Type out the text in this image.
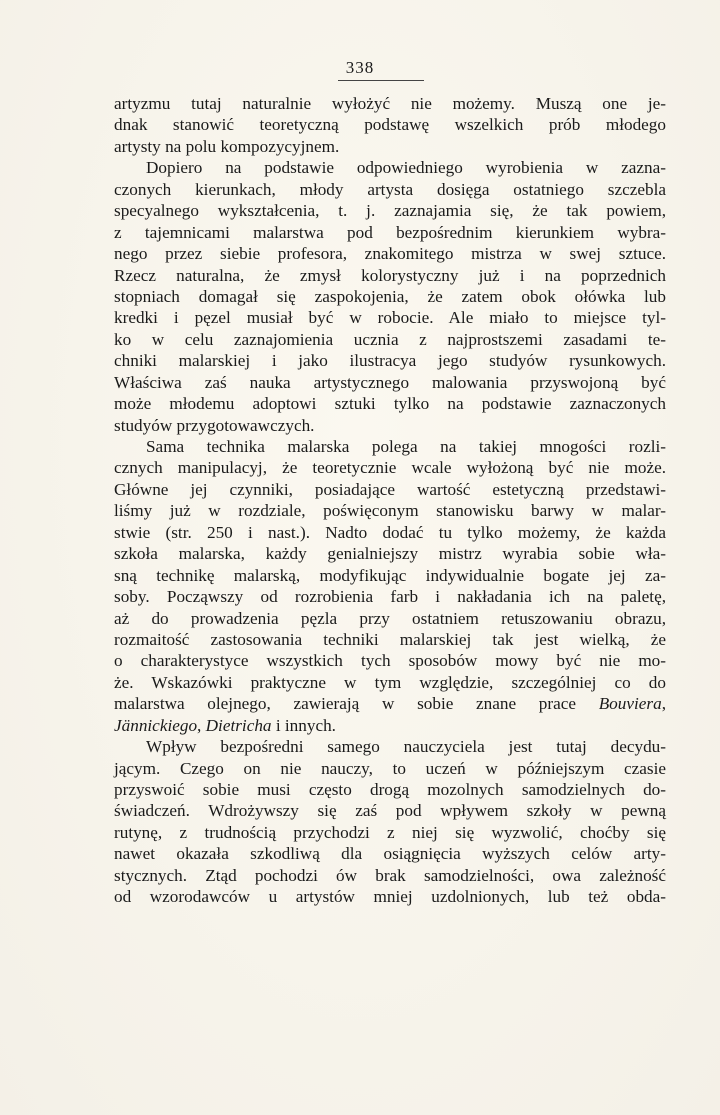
338
artyzmu tutaj naturalnie wyłożyć nie możemy. Muszą one je-
dnak stanowić teoretyczną podstawę wszelkich prób młodego
artysty na polu kompozycyjnem.
Dopiero na podstawie odpowiedniego wyrobienia w zazna-
czonych kierunkach, młody artysta dosięga ostatniego szczebla
specyalnego wykształcenia, t. j. zaznajamia się, że tak powiem,
z tajemnicami malarstwa pod bezpośrednim kierunkiem wybra-
nego przez siebie profesora, znakomitego mistrza w swej sztuce.
Rzecz naturalna, że zmysł kolorystyczny już i na poprzednich
stopniach domagał się zaspokojenia, że zatem obok ołówka lub
kredki i pęzel musiał być w robocie. Ale miało to miejsce tyl-
ko w celu zaznajomienia ucznia z najprostszemi zasadami te-
chniki malarskiej i jako ilustracya jego studyów rysunkowych.
Właściwa zaś nauka artystycznego malowania przyswojoną być
może młodemu adoptowi sztuki tylko na podstawie zaznaczonych
studyów przygotowawczych.
Sama technika malarska polega na takiej mnogości rozli-
cznych manipulacyj, że teoretycznie wcale wyłożoną być nie może.
Główne jej czynniki, posiadające wartość estetyczną przedstawi-
liśmy już w rozdziale, poświęconym stanowisku barwy w malar-
stwie (str. 250 i nast.). Nadto dodać tu tylko możemy, że każda
szkoła malarska, każdy genialniejszy mistrz wyrabia sobie wła-
sną technikę malarską, modyfikując indywidualnie bogate jej za-
soby. Począwszy od rozrobienia farb i nakładania ich na paletę,
aż do prowadzenia pęzla przy ostatniem retuszowaniu obrazu,
rozmaitość zastosowania techniki malarskiej tak jest wielką, że
o charakterystyce wszystkich tych sposobów mowy być nie mo-
że. Wskazówki praktyczne w tym względzie, szczególniej co do
malarstwa olejnego, zawierają w sobie znane prace Bouviera,
Jännickiego, Dietricha i innych.
Wpływ bezpośredni samego nauczyciela jest tutaj decydu-
jącym. Czego on nie nauczy, to uczeń w późniejszym czasie
przyswoić sobie musi często drogą mozolnych samodzielnych do-
świadczeń. Wdrożywszy się zaś pod wpływem szkoły w pewną
rutynę, z trudnością przychodzi z niej się wyzwolić, choćby się
nawet okazała szkodliwą dla osiągnięcia wyższych celów arty-
stycznych. Ztąd pochodzi ów brak samodzielności, owa zależność
od wzorodawców u artystów mniej uzdolnionych, lub też obda-
